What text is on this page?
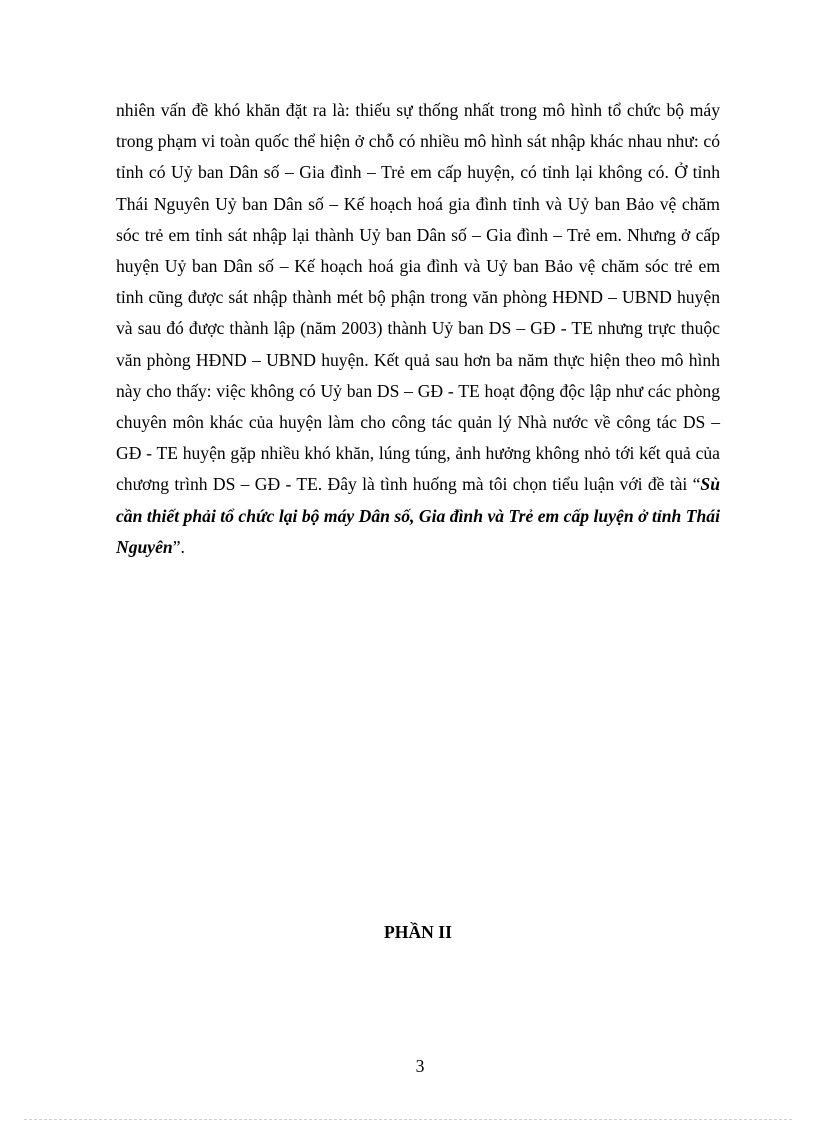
nhiên vấn đề khó khăn đặt ra là: thiếu sự thống nhất trong mô hình tổ chức bộ máy trong phạm vi toàn quốc thể hiện ở chỗ có nhiều mô hình sát nhập khác nhau như: có tỉnh có Uỷ ban Dân số – Gia đình – Trẻ em cấp huyện, có tỉnh lại không có. Ở tỉnh Thái Nguyên Uỷ ban Dân số – Kế hoạch hoá gia đình tỉnh và Uỷ ban Bảo vệ chăm sóc trẻ em tỉnh sát nhập lại thành Uỷ ban Dân số – Gia đình – Trẻ em. Nhưng ở cấp huyện Uỷ ban Dân số – Kế hoạch hoá gia đình và Uỷ ban Bảo vệ chăm sóc trẻ em tỉnh cũng được sát nhập thành mét bộ phận trong văn phòng HĐND – UBND huyện và sau đó được thành lập (năm 2003) thành Uỷ ban DS – GĐ - TE nhưng trực thuộc văn phòng HĐND – UBND huyện. Kết quả sau hơn ba năm thực hiện theo mô hình này cho thấy: việc không có Uỷ ban DS – GĐ - TE hoạt động độc lập như các phòng chuyên môn khác của huyện làm cho công tác quản lý Nhà nước về công tác DS – GĐ - TE huyện gặp nhiều khó khăn, lúng túng, ảnh hưởng không nhỏ tới kết quả của chương trình DS – GĐ - TE. Đây là tình huống mà tôi chọn tiểu luận với đề tài “Sù cần thiết phải tổ chức lại bộ máy Dân số, Gia đình và Trẻ em cấp luyện ở tỉnh Thái Nguyên”.

PHẦN II

3
